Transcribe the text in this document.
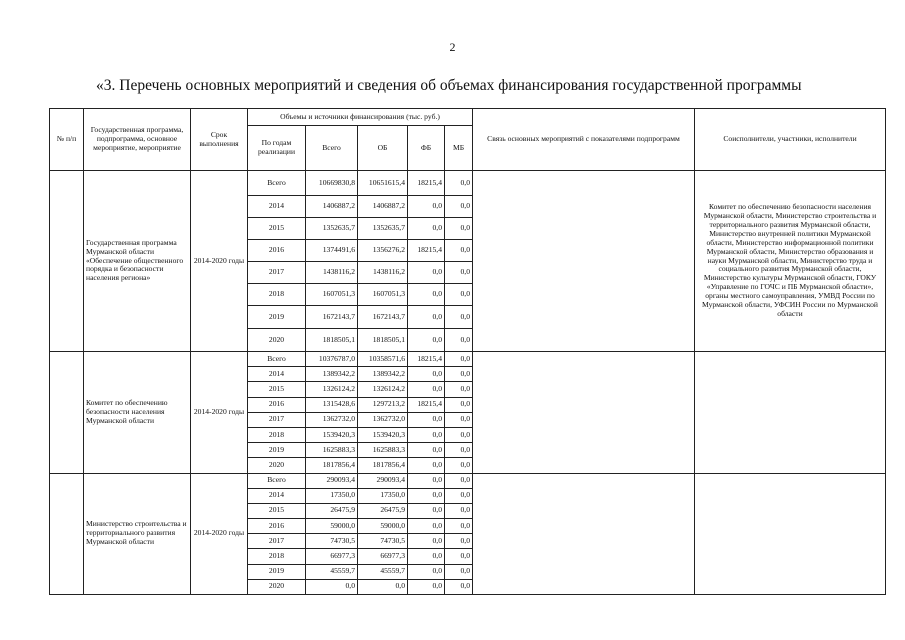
2
«3. Перечень основных мероприятий и сведения об объемах финансирования государственной программы
№ п/п	Государственная программа, подпрограмма, основное мероприятие, мероприятие	Срок выполнения	Объемы и источники финансирования (тыс. руб.)					Связь основных мероприятий с показателями подпрограмм	Соисполнители, участники, исполнители
			По годам реализации	Всего	ОБ	ФБ	МБ		
	Государственная программа Мурманской области «Обеспечение общественного порядка и безопасности населения региона»	2014-2020 годы	Всего	10669830,8	10651615,4	18215,4	0,0		Комитет по обеспечению безопасности населения Мурманской области, Министерство строительства и территориального развития Мурманской области, Министерство внутренней политики Мурманской области, Министерство информационной политики Мурманской области, Министерство образования и науки Мурманской области, Министерство труда и социального развития Мурманской области, Министерство культуры Мурманской области, ГОКУ «Управление по ГОЧС и ПБ Мурманской области», органы местного самоуправления, УМВД России по Мурманской области, УФСИН России по Мурманской области
			2014	1406887,2	1406887,2	0,0	0,0		
			2015	1352635,7	1352635,7	0,0	0,0		
			2016	1374491,6	1356276,2	18215,4	0,0		
			2017	1438116,2	1438116,2	0,0	0,0		
			2018	1607051,3	1607051,3	0,0	0,0		
			2019	1672143,7	1672143,7	0,0	0,0		
			2020	1818505,1	1818505,1	0,0	0,0		
	Комитет по обеспечению безопасности населения Мурманской области	2014-2020 годы	Всего	10376787,0	10358571,6	18215,4	0,0		
			2014	1389342,2	1389342,2	0,0	0,0		
			2015	1326124,2	1326124,2	0,0	0,0		
			2016	1315428,6	1297213,2	18215,4	0,0		
			2017	1362732,0	1362732,0	0,0	0,0		
			2018	1539420,3	1539420,3	0,0	0,0		
			2019	1625883,3	1625883,3	0,0	0,0		
			2020	1817856,4	1817856,4	0,0	0,0		
	Министерство строительства и территориального развития Мурманской области	2014-2020 годы	Всего	290093,4	290093,4	0,0	0,0		
			2014	17350,0	17350,0	0,0	0,0		
			2015	26475,9	26475,9	0,0	0,0		
			2016	59000,0	59000,0	0,0	0,0		
			2017	74730,5	74730,5	0,0	0,0		
			2018	66977,3	66977,3	0,0	0,0		
			2019	45559,7	45559,7	0,0	0,0		
			2020	0,0	0,0	0,0	0,0		
